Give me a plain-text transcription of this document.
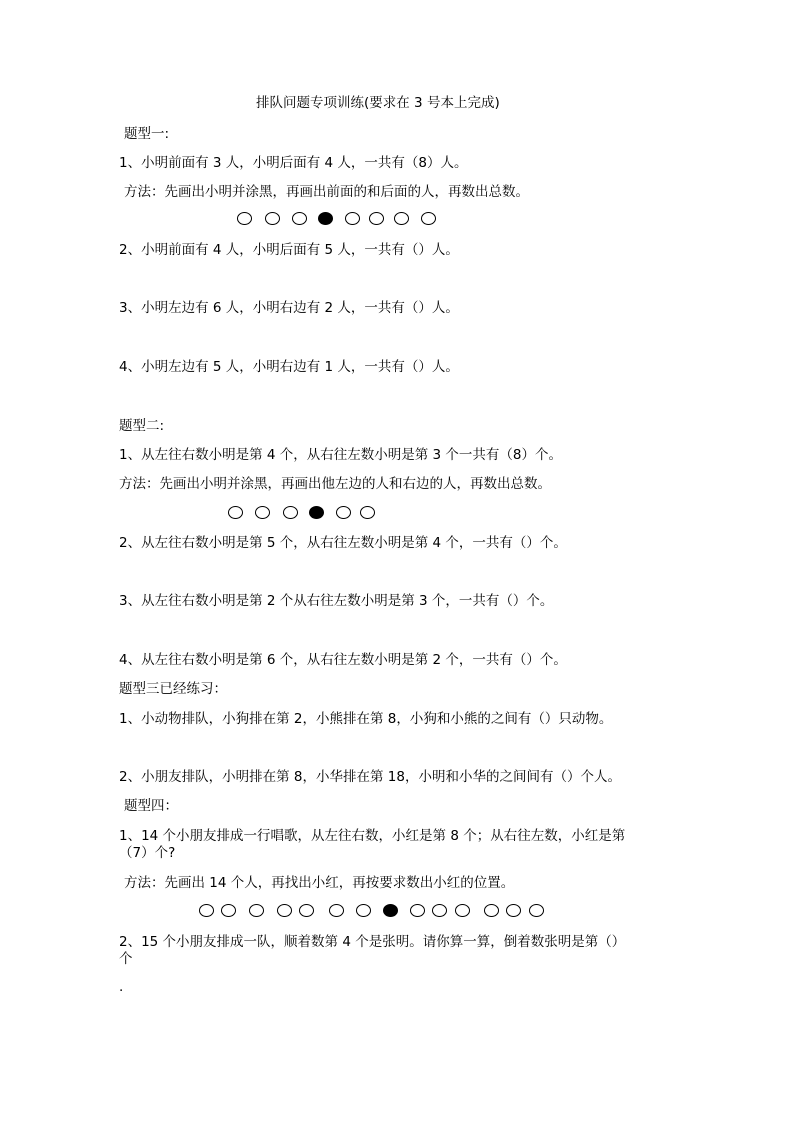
排队问题专项训练(要求在 3 号本上完成)
题型一:
1、小明前面有 3 人，小明后面有 4 人，一共有（8）人。
方法：先画出小明并涂黑，再画出前面的和后面的人，再数出总数。
2、小明前面有 4 人，小明后面有 5 人，一共有（）人。
3、小明左边有 6 人，小明右边有 2 人，一共有（）人。
4、小明左边有 5 人，小明右边有 1 人，一共有（）人。
题型二:
1、从左往右数小明是第 4 个，从右往左数小明是第 3 个一共有（8）个。
方法：先画出小明并涂黑，再画出他左边的人和右边的人，再数出总数。
2、从左往右数小明是第 5 个，从右往左数小明是第 4 个，一共有（）个。
3、从左往右数小明是第 2 个从右往左数小明是第 3 个，一共有（）个。
4、从左往右数小明是第 6 个，从右往左数小明是第 2 个，一共有（）个。
题型三已经练习：
1、小动物排队，小狗排在第 2，小熊排在第 8，小狗和小熊的之间有（）只动物。
2、小朋友排队，小明排在第 8，小华排在第 18，小明和小华的之间间有（）个人。
题型四：
1、14 个小朋友排成一行唱歌，从左往右数，小红是第 8 个；从右往左数，小红是第
（7）个?
方法：先画出 14 个人，再找出小红，再按要求数出小红的位置。
2、15 个小朋友排成一队，顺着数第 4 个是张明。请你算一算，倒着数张明是第（）
个
.
